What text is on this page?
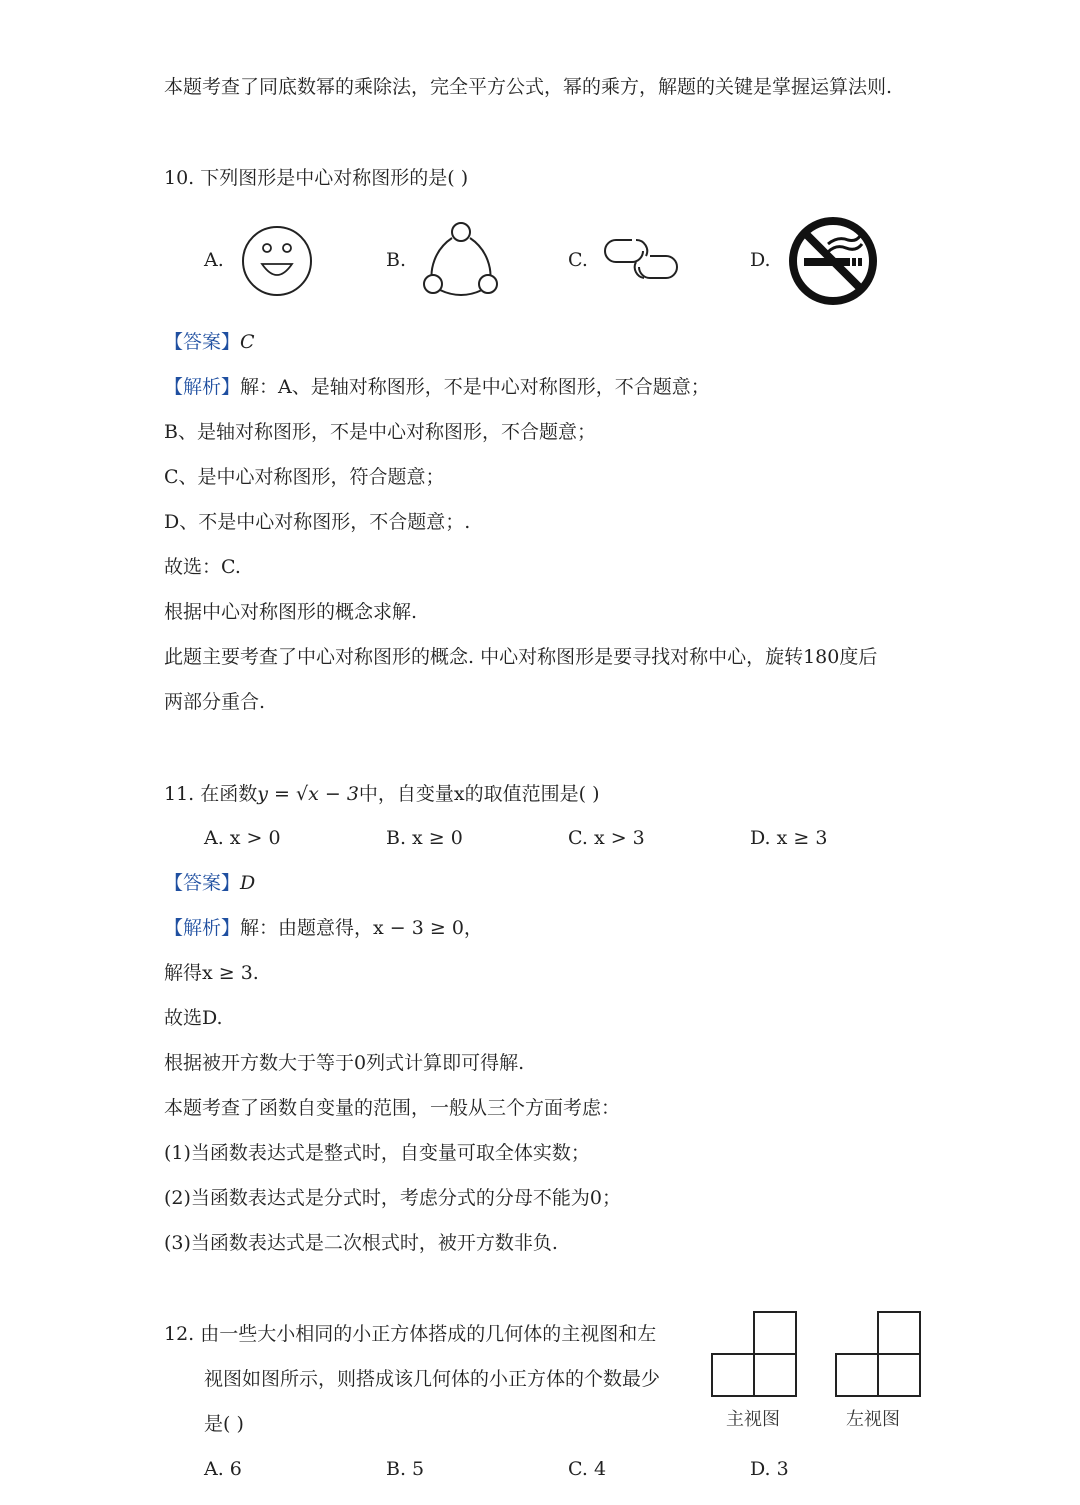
本题考查了同底数幂的乘除法，完全平方公式，幂的乘方，解题的关键是掌握运算法则.
10. 下列图形是中心对称图形的是( )
A.	B.	C.	D.
【答案】C
【解析】解：A、是轴对称图形，不是中心对称图形，不合题意；
B、是轴对称图形，不是中心对称图形，不合题意；
C、是中心对称图形，符合题意；
D、不是中心对称图形，不合题意；.
故选：C.
根据中心对称图形的概念求解.
此题主要考查了中心对称图形的概念. 中心对称图形是要寻找对称中心，旋转180度后
两部分重合.
11. 在函数y = √x − 3中，自变量x的取值范围是( )
A. x > 0	B. x ≥ 0	C. x > 3	D. x ≥ 3
【答案】D
【解析】解：由题意得，x − 3 ≥ 0，
解得x ≥ 3.
故选D.
根据被开方数大于等于0列式计算即可得解.
本题考查了函数自变量的范围，一般从三个方面考虑：
(1)当函数表达式是整式时，自变量可取全体实数；
(2)当函数表达式是分式时，考虑分式的分母不能为0；
(3)当函数表达式是二次根式时，被开方数非负.
12. 由一些大小相同的小正方体搭成的几何体的主视图和左
视图如图所示，则搭成该几何体的小正方体的个数最少
是( )	主视图	左视图
A. 6	B. 5	C. 4	D. 3
